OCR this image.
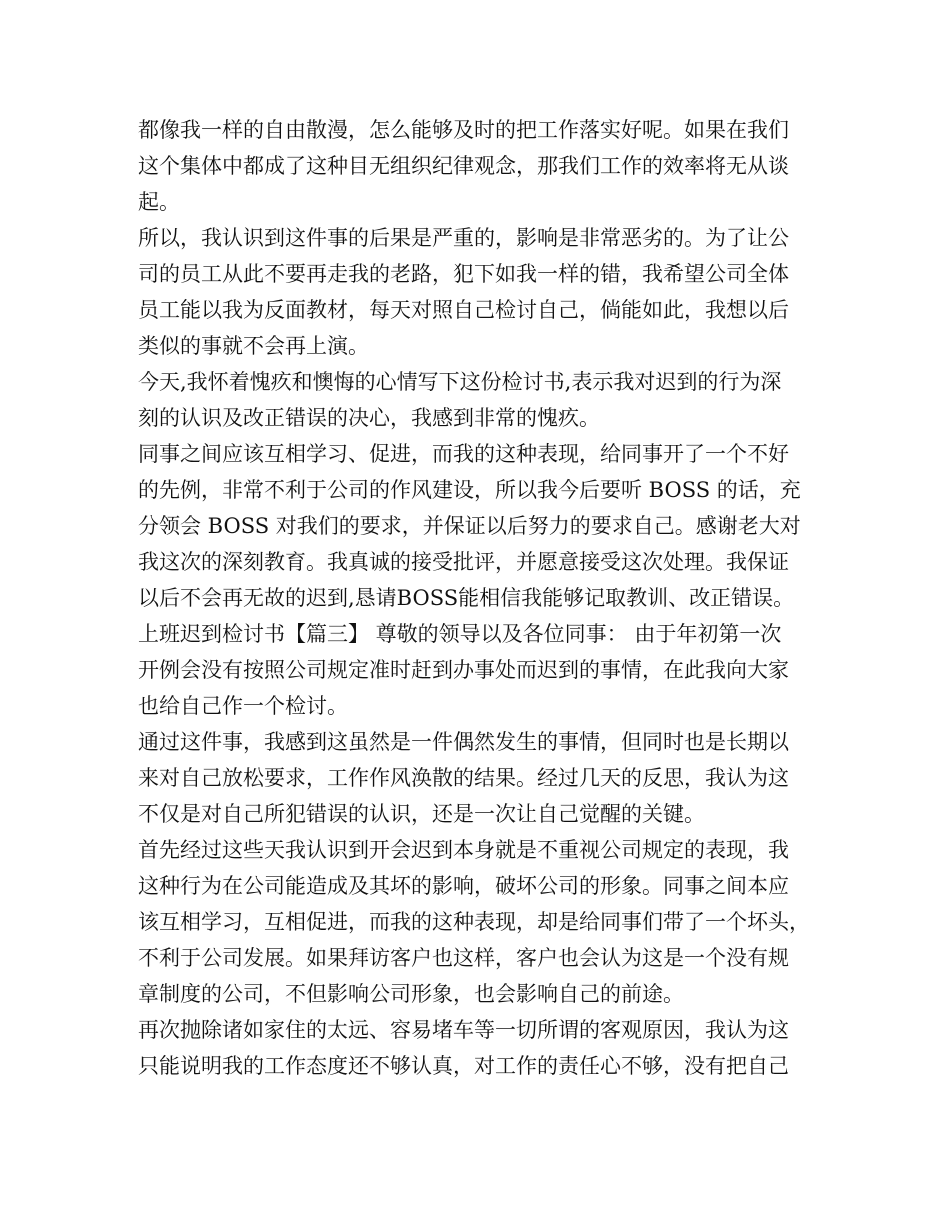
都像我一样的自由散漫，怎么能够及时的把工作落实好呢。如果在我们
这个集体中都成了这种目无组织纪律观念，那我们工作的效率将无从谈
起。
所以，我认识到这件事的后果是严重的，影响是非常恶劣的。为了让公
司的员工从此不要再走我的老路，犯下如我一样的错，我希望公司全体
员工能以我为反面教材，每天对照自己检讨自己，倘能如此，我想以后
类似的事就不会再上演。
今天,我怀着愧疚和懊悔的心情写下这份检讨书,表示我对迟到的行为深
刻的认识及改正错误的决心，我感到非常的愧疚。
同事之间应该互相学习、促进，而我的这种表现，给同事开了一个不好
的先例，非常不利于公司的作风建设，所以我今后要听 BOSS 的话，充
分领会 BOSS 对我们的要求，并保证以后努力的要求自己。感谢老大对
我这次的深刻教育。我真诚的接受批评，并愿意接受这次处理。我保证
以后不会再无故的迟到,恳请BOSS能相信我能够记取教训、改正错误。
上班迟到检讨书【篇三】 尊敬的领导以及各位同事： 由于年初第一次
开例会没有按照公司规定准时赶到办事处而迟到的事情，在此我向大家
也给自己作一个检讨。
通过这件事，我感到这虽然是一件偶然发生的事情，但同时也是长期以
来对自己放松要求，工作作风涣散的结果。经过几天的反思，我认为这
不仅是对自己所犯错误的认识，还是一次让自己觉醒的关键。
首先经过这些天我认识到开会迟到本身就是不重视公司规定的表现，我
这种行为在公司能造成及其坏的影响，破坏公司的形象。同事之间本应
该互相学习，互相促进，而我的这种表现，却是给同事们带了一个坏头，
不利于公司发展。如果拜访客户也这样，客户也会认为这是一个没有规
章制度的公司，不但影响公司形象，也会影响自己的前途。
再次抛除诸如家住的太远、容易堵车等一切所谓的客观原因，我认为这
只能说明我的工作态度还不够认真，对工作的责任心不够，没有把自己
